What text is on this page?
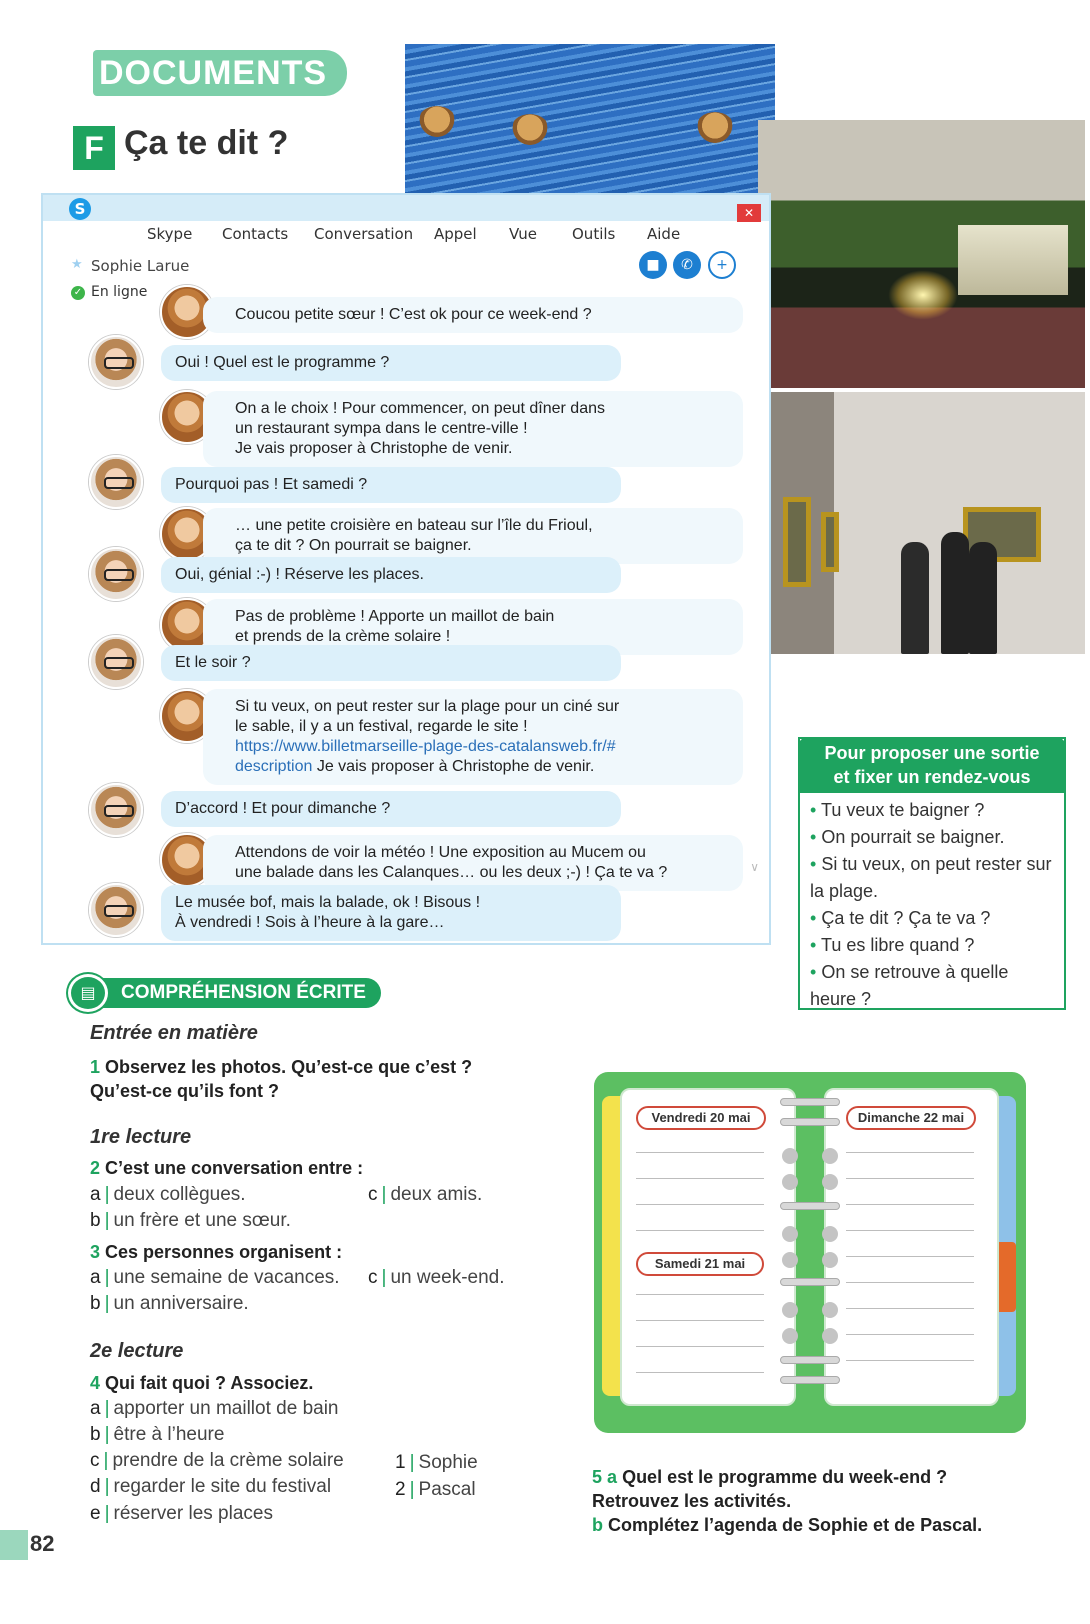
DOCUMENTS
F Ça te dit ?
S	✕
Skype	Contacts	Conversation	Appel	Vue	Outils	Aide
★ Sophie Larue
✓ En ligne
■	✆	+
Coucou petite sœur ! C’est ok pour ce week-end ?
Oui ! Quel est le programme ?
On a le choix ! Pour commencer, on peut dîner dans
un restaurant sympa dans le centre-ville !
Je vais proposer à Christophe de venir.
Pourquoi pas ! Et samedi ?
… une petite croisière en bateau sur l’île du Frioul,
ça te dit ? On pourrait se baigner.
Oui, génial :-) ! Réserve les places.
Pas de problème ! Apporte un maillot de bain
et prends de la crème solaire !
Et le soir ?
Si tu veux, on peut rester sur la plage pour un ciné sur
le sable, il y a un festival, regarde le site !
https://www.billetmarseille-plage-des-catalansweb.fr/#
description Je vais proposer à Christophe de venir.
D’accord ! Et pour dimanche ?
Attendons de voir la météo ! Une exposition au Mucem ou
une balade dans les Calanques… ou les deux ;-) ! Ça te va ?
Le musée bof, mais la balade, ok ! Bisous !
À vendredi ! Sois à l’heure à la gare…
∨
Pour proposer une sortie
et fixer un rendez-vous
• Tu veux te baigner ?
• On pourrait se baigner.
• Si tu veux, on peut rester sur la plage.
• Ça te dit ? Ça te va ?
• Tu es libre quand ?
• On se retrouve à quelle heure ?
COMPRÉHENSION ÉCRITE
▤
Entrée en matière
1 Observez les photos. Qu’est-ce que c’est ?
Qu’est-ce qu’ils font ?
1re lecture
2 C’est une conversation entre :
a | deux collègues.	c | deux amis.
b | un frère et une sœur.
3 Ces personnes organisent :
a | une semaine de vacances. c | un week-end.
b | un anniversaire.
2e lecture
4 Qui fait quoi ? Associez.
a | apporter un maillot de bain
b | être à l’heure
c | prendre de la crème solaire
d | regarder le site du festival
e | réserver les places
1 | Sophie
2 | Pascal
Vendredi 20 mai
Samedi 21 mai
Dimanche 22 mai
5 a Quel est le programme du week-end ?
Retrouvez les activités.
b Complétez l’agenda de Sophie et de Pascal.
82
